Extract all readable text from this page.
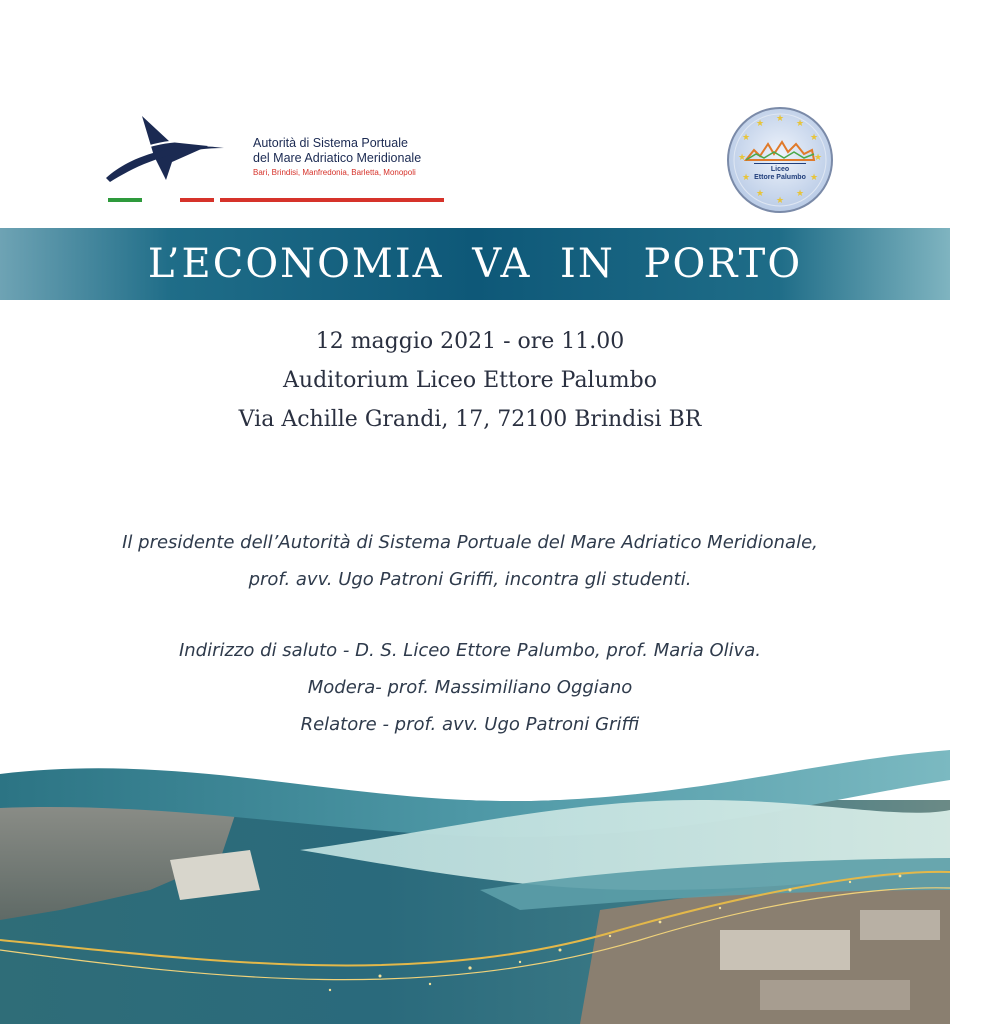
Autorità di Sistema Portuale
del Mare Adriatico Meridionale
Bari, Brindisi, Manfredonia, Barletta, Monopoli
★ ★
★
★
★
★
★
★
★
★
★
★
Liceo
Ettore Palumbo
L’ECONOMIA VA IN PORTO
12 maggio 2021 - ore 11.00
Auditorium Liceo Ettore Palumbo
Via Achille Grandi, 17, 72100 Brindisi BR

Il presidente dell’Autorità di Sistema Portuale del Mare Adriatico Meridionale,

prof. avv. Ugo Patroni Griffi, incontra gli studenti.

Indirizzo di saluto - D. S. Liceo Ettore Palumbo, prof. Maria Oliva.

Modera- prof. Massimiliano Oggiano

Relatore - prof. avv. Ugo Patroni Griffi
